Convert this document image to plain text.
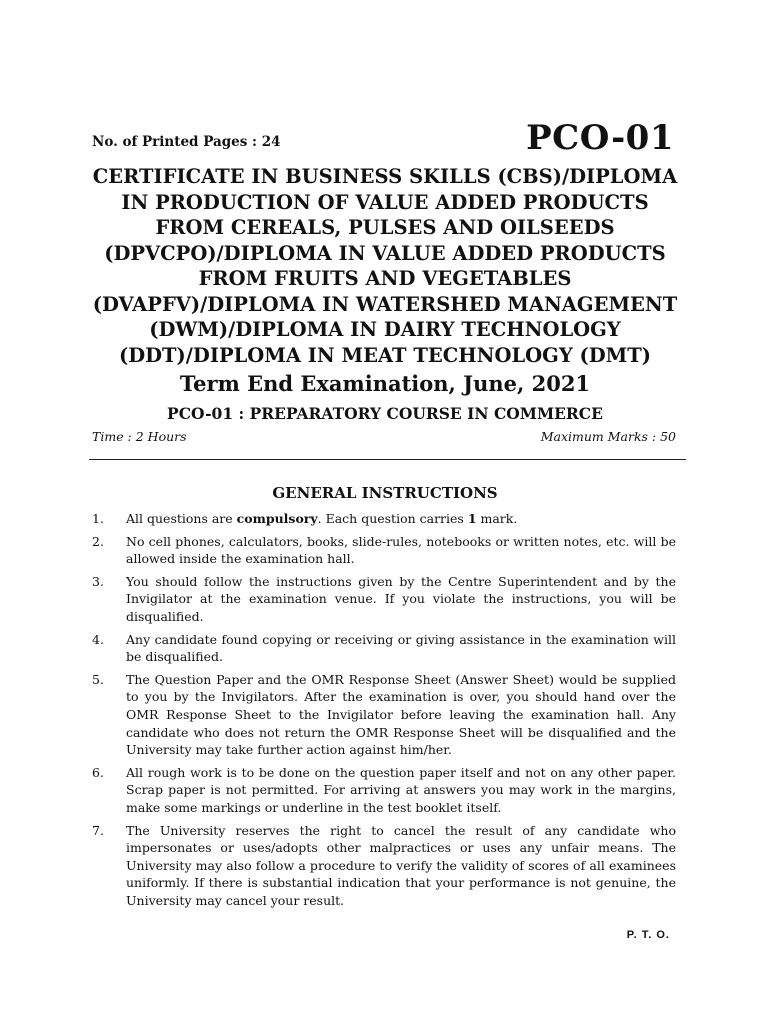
No. of Printed Pages : 24	PCO-01
CERTIFICATE IN BUSINESS SKILLS (CBS)/DIPLOMA
IN PRODUCTION OF VALUE ADDED PRODUCTS
FROM CEREALS, PULSES AND OILSEEDS
(DPVCPO)/DIPLOMA IN VALUE ADDED PRODUCTS
FROM FRUITS AND VEGETABLES
(DVAPFV)/DIPLOMA IN WATERSHED MANAGEMENT
(DWM)/DIPLOMA IN DAIRY TECHNOLOGY
(DDT)/DIPLOMA IN MEAT TECHNOLOGY (DMT)
Term End Examination, June, 2021
PCO-01 : PREPARATORY COURSE IN COMMERCE
Time : 2 Hours	Maximum Marks : 50
GENERAL INSTRUCTIONS
1. All questions are compulsory. Each question carries 1 mark.
2. No cell phones, calculators, books, slide-rules, notebooks or written notes, etc. will be allowed inside the examination hall.
3. You should follow the instructions given by the Centre Superintendent and by the Invigilator at the examination venue. If you violate the instructions, you will be disqualified.
4. Any candidate found copying or receiving or giving assistance in the examination will be disqualified.
5. The Question Paper and the OMR Response Sheet (Answer Sheet) would be supplied to you by the Invigilators. After the examination is over, you should hand over the OMR Response Sheet to the Invigilator before leaving the examination hall. Any candidate who does not return the OMR Response Sheet will be disqualified and the University may take further action against him/her.
6. All rough work is to be done on the question paper itself and not on any other paper. Scrap paper is not permitted. For arriving at answers you may work in the margins, make some markings or underline in the test booklet itself.
7. The University reserves the right to cancel the result of any candidate who impersonates or uses/adopts other malpractices or uses any unfair means. The University may also follow a procedure to verify the validity of scores of all examinees uniformly. If there is substantial indication that your performance is not genuine, the University may cancel your result.
P. T. O.
